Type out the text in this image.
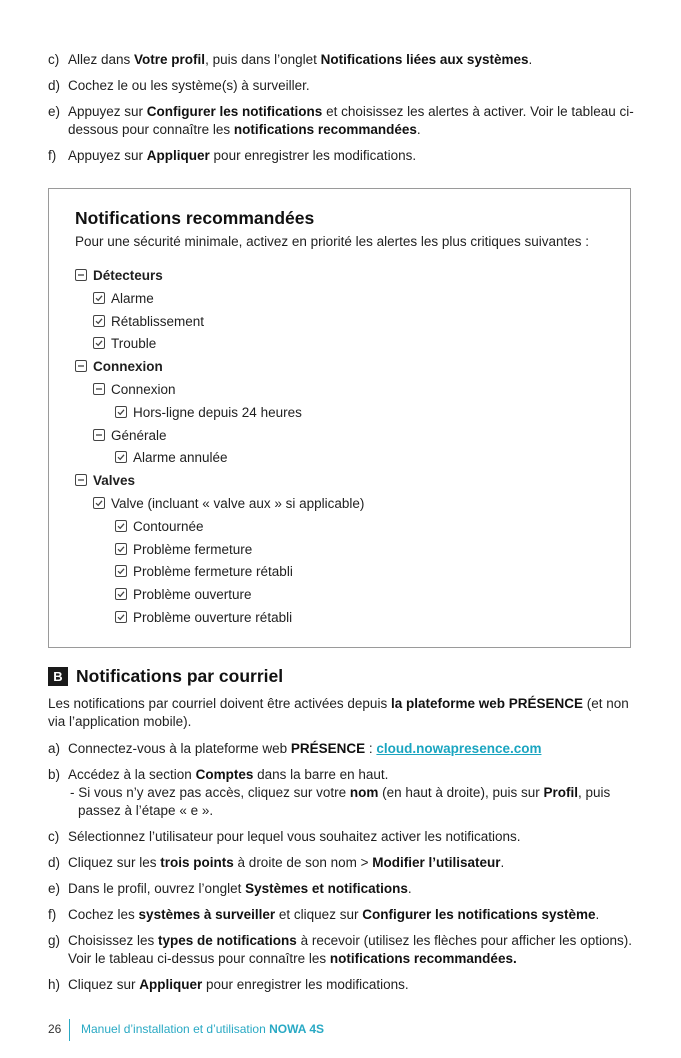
c) Allez dans Votre profil, puis dans l’onglet Notifications liées aux systèmes.
d) Cochez le ou les système(s) à surveiller.
e) Appuyez sur Configurer les notifications et choisissez les alertes à activer. Voir le tableau ci-dessous pour connaître les notifications recommandées.
f) Appuyez sur Appliquer pour enregistrer les modifications.
Notifications recommandées
Pour une sécurité minimale, activez en priorité les alertes les plus critiques suivantes :
Détecteurs
Alarme
Rétablissement
Trouble
Connexion
Connexion
Hors-ligne depuis 24 heures
Générale
Alarme annulée
Valves
Valve (incluant « valve aux » si applicable)
Contournée
Problème fermeture
Problème fermeture rétabli
Problème ouverture
Problème ouverture rétabli
B Notifications par courriel
Les notifications par courriel doivent être activées depuis la plateforme web PRÉSENCE (et non via l’application mobile).
a) Connectez-vous à la plateforme web PRÉSENCE : cloud.nowapresence.com
b) Accédez à la section Comptes dans la barre en haut.
- Si vous n’y avez pas accès, cliquez sur votre nom (en haut à droite), puis sur Profil, puis passez à l’étape « e ».
c) Sélectionnez l’utilisateur pour lequel vous souhaitez activer les notifications.
d) Cliquez sur les trois points à droite de son nom > Modifier l’utilisateur.
e) Dans le profil, ouvrez l’onglet Systèmes et notifications.
f) Cochez les systèmes à surveiller et cliquez sur Configurer les notifications système.
g) Choisissez les types de notifications à recevoir (utilisez les flèches pour afficher les options). Voir le tableau ci-dessus pour connaître les notifications recommandées.
h) Cliquez sur Appliquer pour enregistrer les modifications.
26 Manuel d’installation et d’utilisation NOWA 4S
